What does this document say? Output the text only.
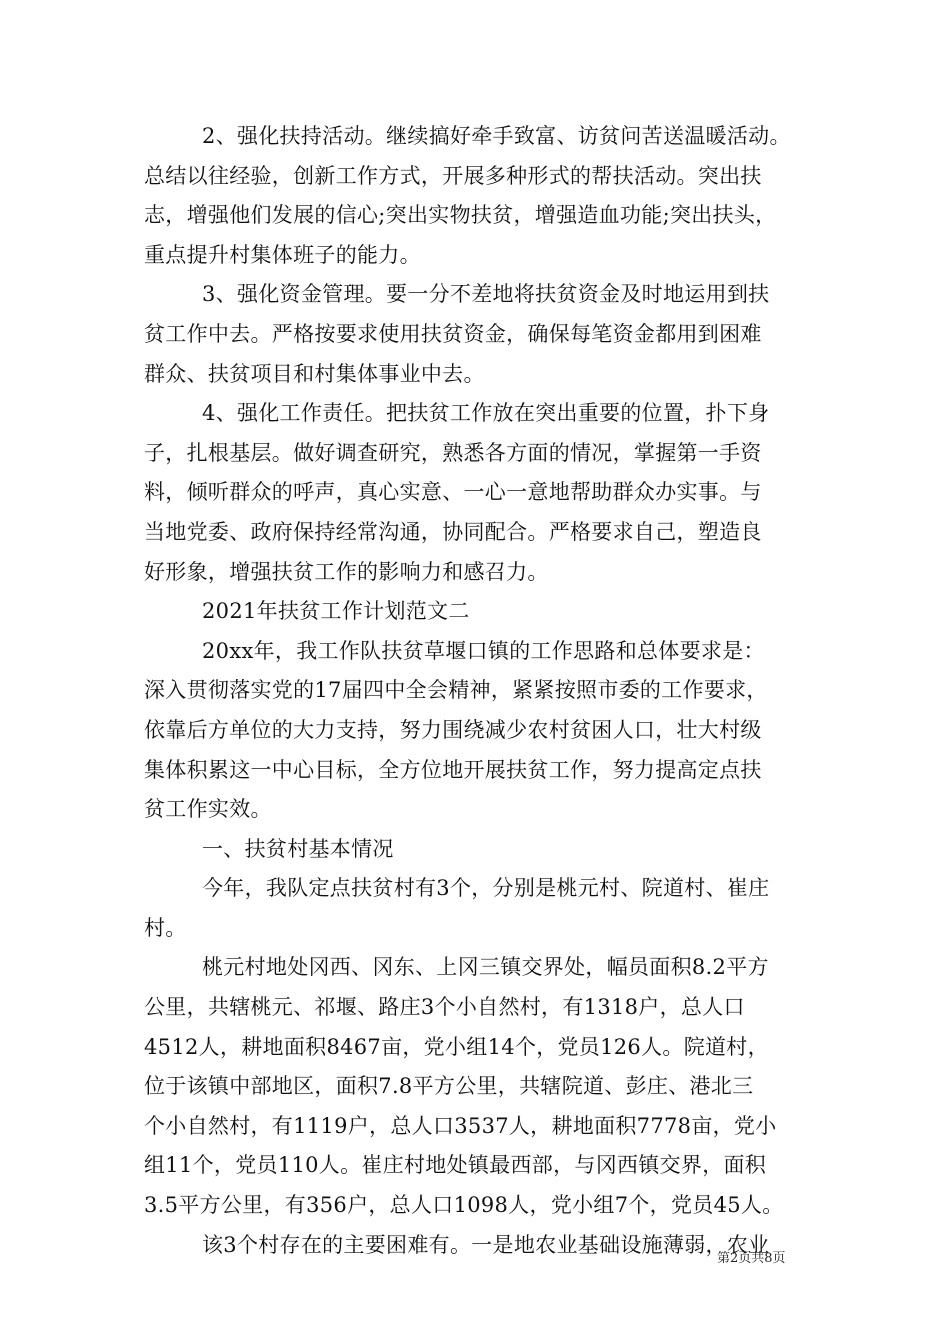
2、强化扶持活动。继续搞好牵手致富、访贫问苦送温暖活动。
总结以往经验，创新工作方式，开展多种形式的帮扶活动。突出扶
志，增强他们发展的信心;突出实物扶贫，增强造血功能;突出扶头，
重点提升村集体班子的能力。
3、强化资金管理。要一分不差地将扶贫资金及时地运用到扶
贫工作中去。严格按要求使用扶贫资金，确保每笔资金都用到困难
群众、扶贫项目和村集体事业中去。
4、强化工作责任。把扶贫工作放在突出重要的位置，扑下身
子，扎根基层。做好调查研究，熟悉各方面的情况，掌握第一手资
料，倾听群众的呼声，真心实意、一心一意地帮助群众办实事。与
当地党委、政府保持经常沟通，协同配合。严格要求自己，塑造良
好形象，增强扶贫工作的影响力和感召力。
2021年扶贫工作计划范文二
20xx年，我工作队扶贫草堰口镇的工作思路和总体要求是：
深入贯彻落实党的17届四中全会精神，紧紧按照市委的工作要求，
依靠后方单位的大力支持，努力围绕减少农村贫困人口，壮大村级
集体积累这一中心目标，全方位地开展扶贫工作，努力提高定点扶
贫工作实效。
一、扶贫村基本情况
今年，我队定点扶贫村有3个，分别是桃元村、院道村、崔庄
村。
桃元村地处冈西、冈东、上冈三镇交界处，幅员面积8.2平方
公里，共辖桃元、祁堰、路庄3个小自然村，有1318户，总人口
4512人，耕地面积8467亩，党小组14个，党员126人。院道村，
位于该镇中部地区，面积7.8平方公里，共辖院道、彭庄、港北三
个小自然村，有1119户，总人口3537人，耕地面积7778亩，党小
组11个，党员110人。崔庄村地处镇最西部，与冈西镇交界，面积
3.5平方公里，有356户，总人口1098人，党小组7个，党员45人。
该3个村存在的主要困难有。一是地农业基础设施薄弱，农业
第2页共8页
